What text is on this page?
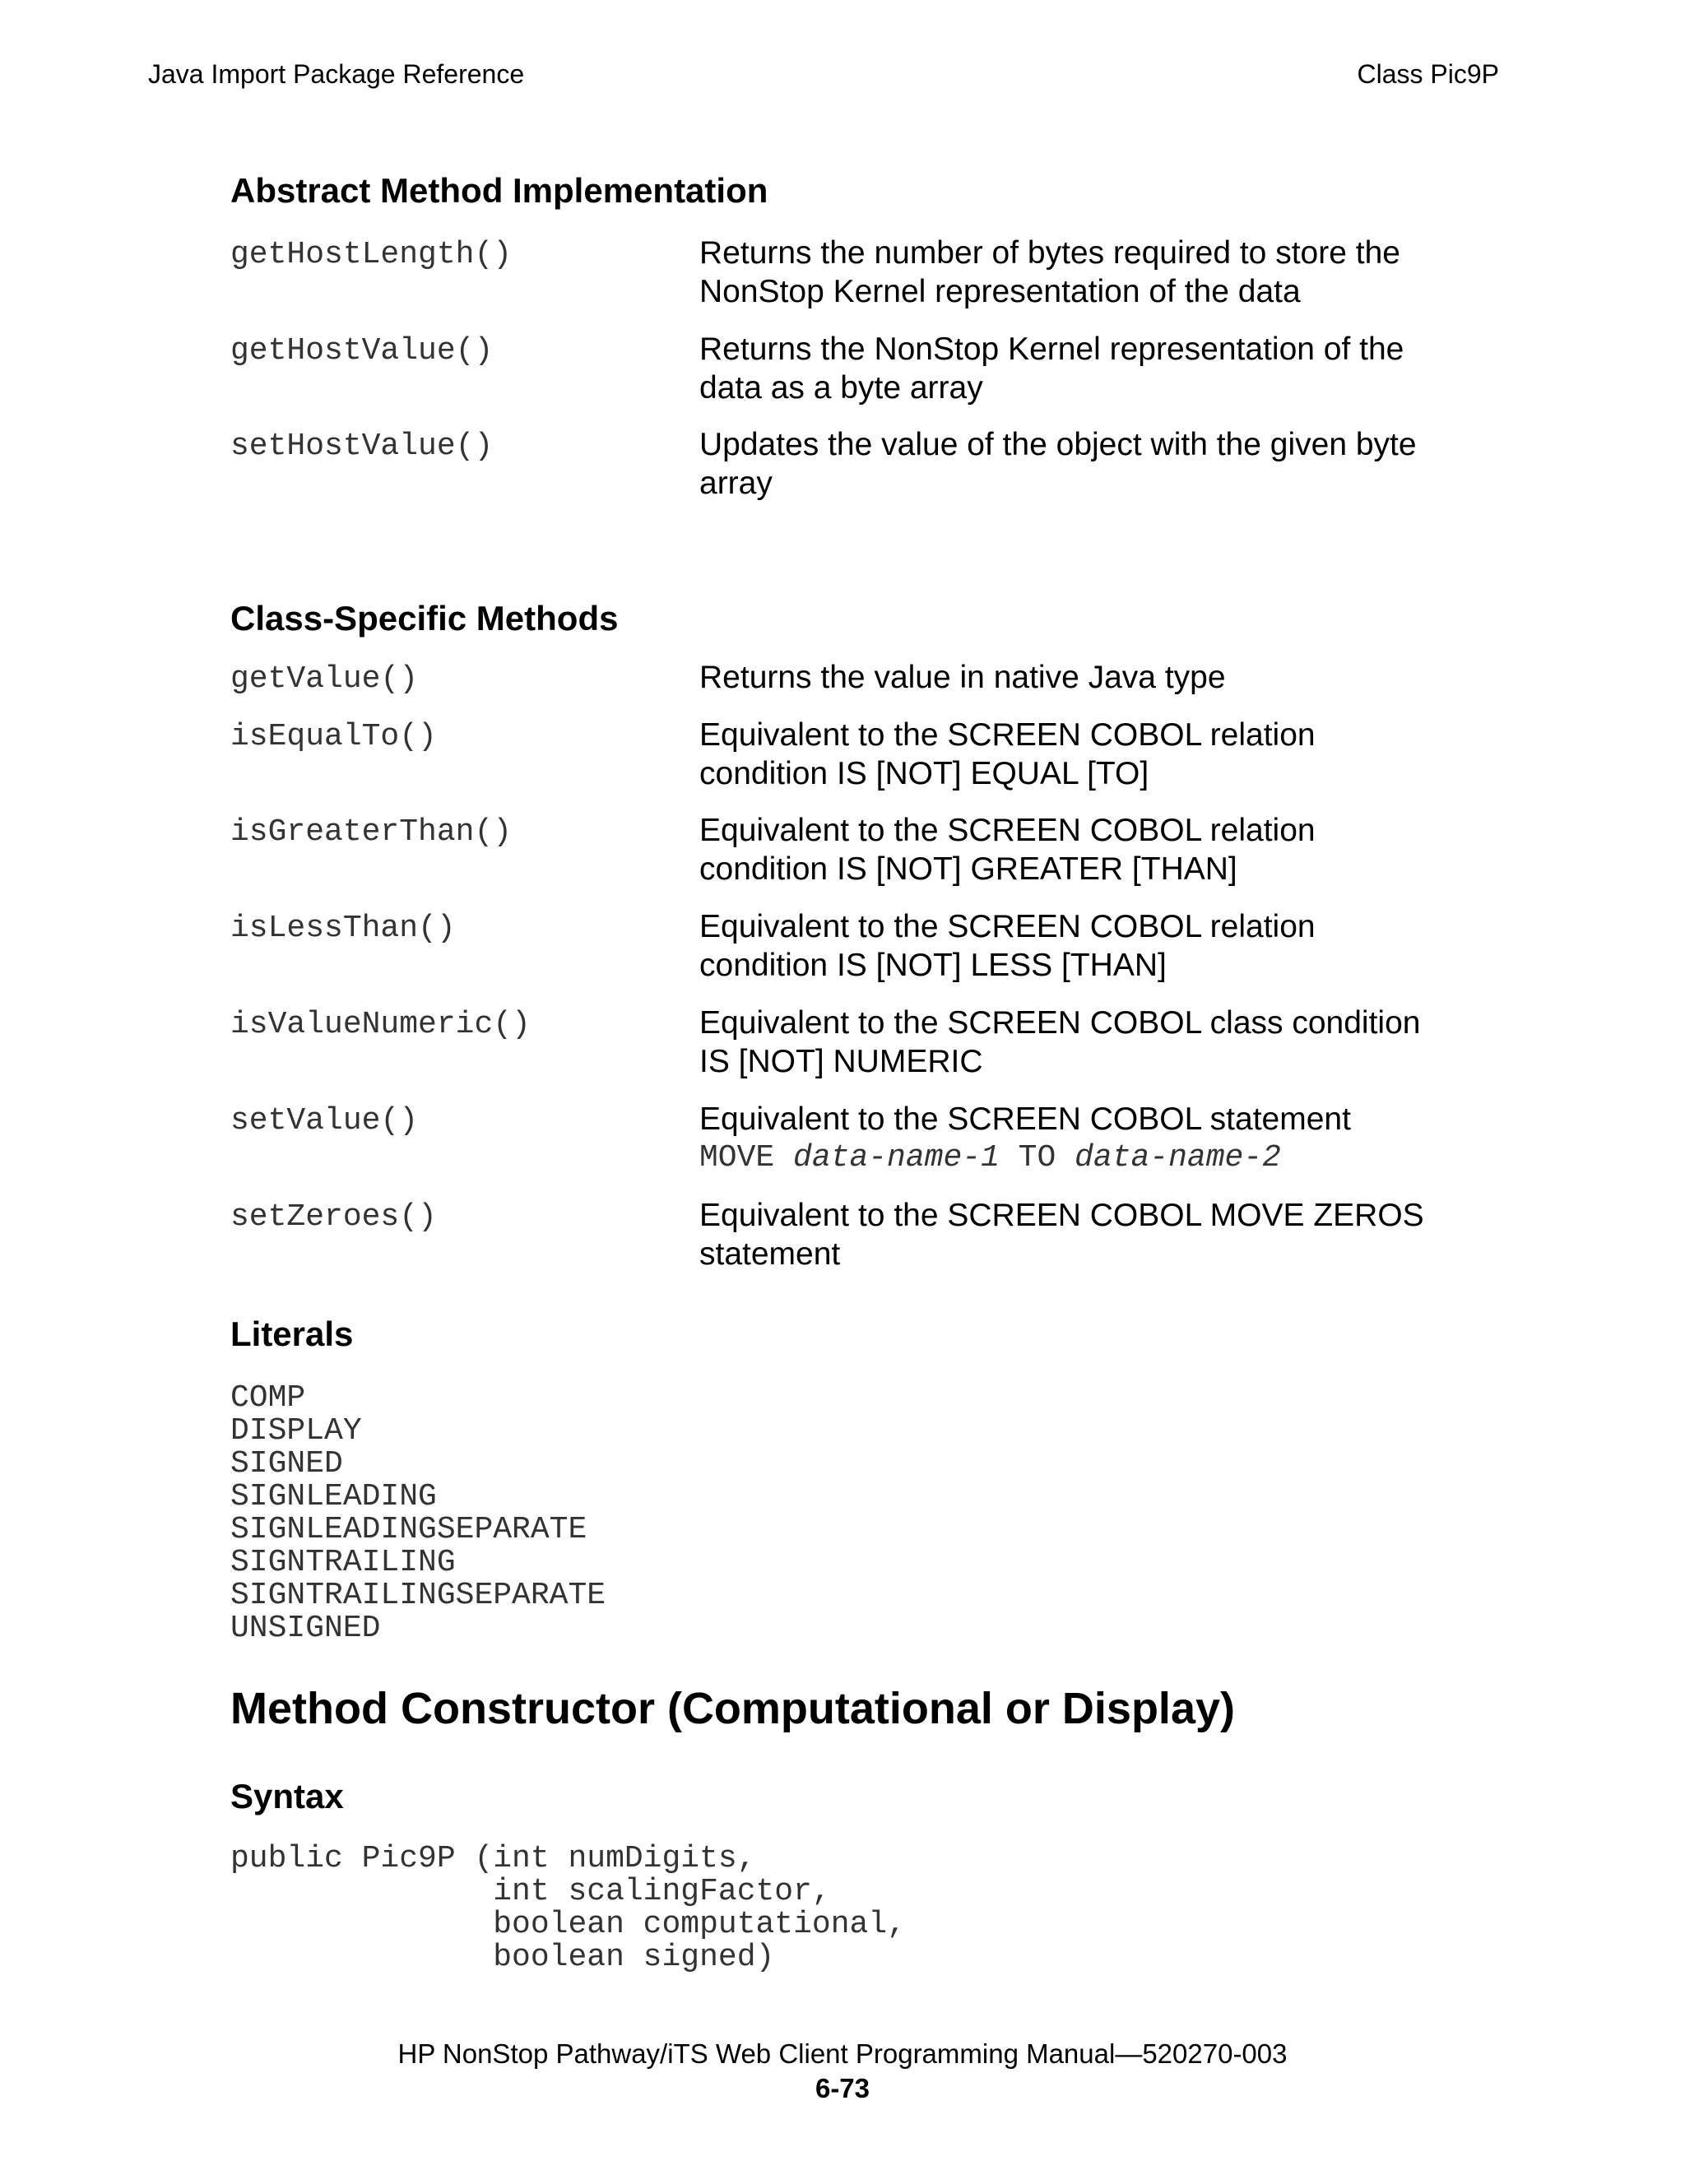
Java Import Package Reference	Class Pic9P
Abstract Method Implementation
getHostLength()	Returns the number of bytes required to store the
NonStop Kernel representation of the data
getHostValue()	Returns the NonStop Kernel representation of the
data as a byte array
setHostValue()	Updates the value of the object with the given byte
array
Class-Specific Methods
getValue()	Returns the value in native Java type
isEqualTo()	Equivalent to the SCREEN COBOL relation
condition IS [NOT] EQUAL [TO]
isGreaterThan()	Equivalent to the SCREEN COBOL relation
condition IS [NOT] GREATER [THAN]
isLessThan()	Equivalent to the SCREEN COBOL relation
condition IS [NOT] LESS [THAN]
isValueNumeric()	Equivalent to the SCREEN COBOL class condition
IS [NOT] NUMERIC
setValue()	Equivalent to the SCREEN COBOL statement
MOVE data-name-1 TO data-name-2
setZeroes()	Equivalent to the SCREEN COBOL MOVE ZEROS
statement
Literals
COMP
DISPLAY
SIGNED
SIGNLEADING
SIGNLEADINGSEPARATE
SIGNTRAILING
SIGNTRAILINGSEPARATE
UNSIGNED
Method Constructor (Computational or Display)
Syntax
public Pic9P (int numDigits,
int scalingFactor,
boolean computational,
boolean signed)
HP NonStop Pathway/iTS Web Client Programming Manual—520270-003
6-73
